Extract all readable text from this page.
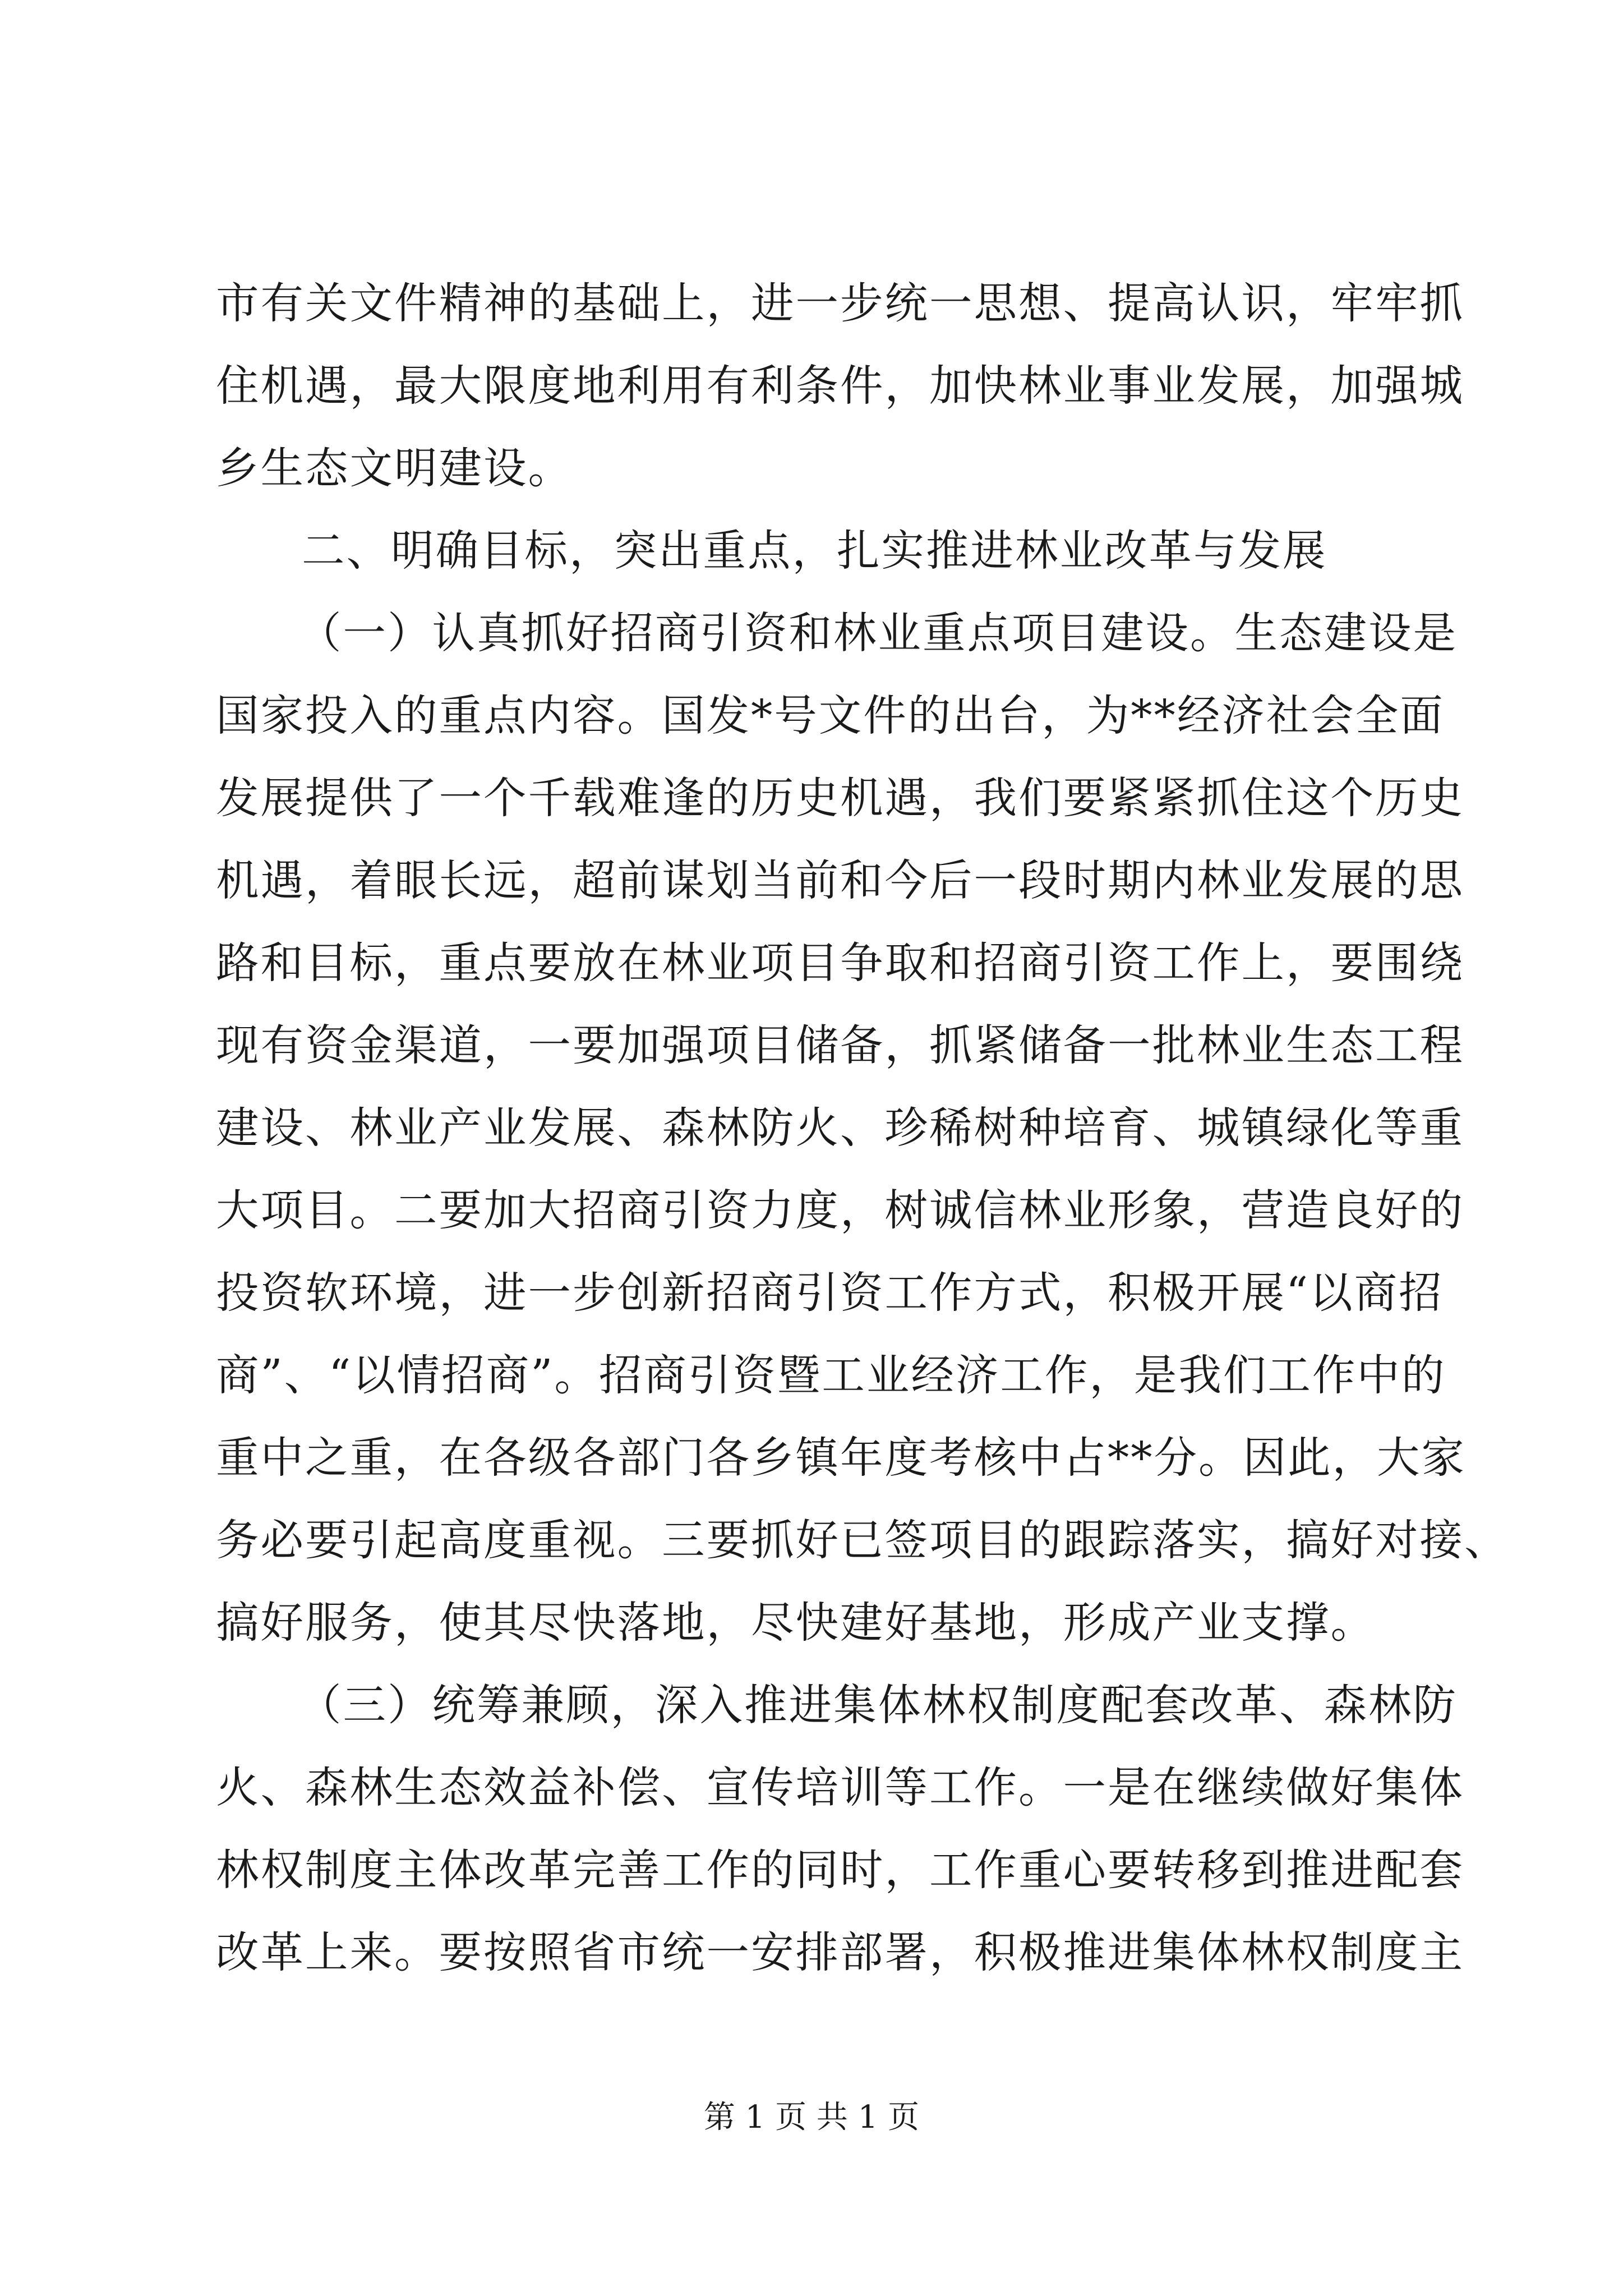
市有关文件精神的基础上，进一步统一思想、提高认识，牢牢抓
住机遇，最大限度地利用有利条件，加快林业事业发展，加强城
乡生态文明建设。
二、明确目标，突出重点，扎实推进林业改革与发展
（一）认真抓好招商引资和林业重点项目建设。生态建设是
国家投入的重点内容。国发*号文件的出台，为**经济社会全面
发展提供了一个千载难逢的历史机遇，我们要紧紧抓住这个历史
机遇，着眼长远，超前谋划当前和今后一段时期内林业发展的思
路和目标，重点要放在林业项目争取和招商引资工作上，要围绕
现有资金渠道，一要加强项目储备，抓紧储备一批林业生态工程
建设、林业产业发展、森林防火、珍稀树种培育、城镇绿化等重
大项目。二要加大招商引资力度，树诚信林业形象，营造良好的
投资软环境，进一步创新招商引资工作方式，积极开展“以商招
商”、“以情招商”。招商引资暨工业经济工作，是我们工作中的
重中之重，在各级各部门各乡镇年度考核中占**分。因此，大家
务必要引起高度重视。三要抓好已签项目的跟踪落实，搞好对接、
搞好服务，使其尽快落地，尽快建好基地，形成产业支撑。
（三）统筹兼顾，深入推进集体林权制度配套改革、森林防
火、森林生态效益补偿、宣传培训等工作。一是在继续做好集体
林权制度主体改革完善工作的同时，工作重心要转移到推进配套
改革上来。要按照省市统一安排部署，积极推进集体林权制度主
第 1 页 共 1 页
